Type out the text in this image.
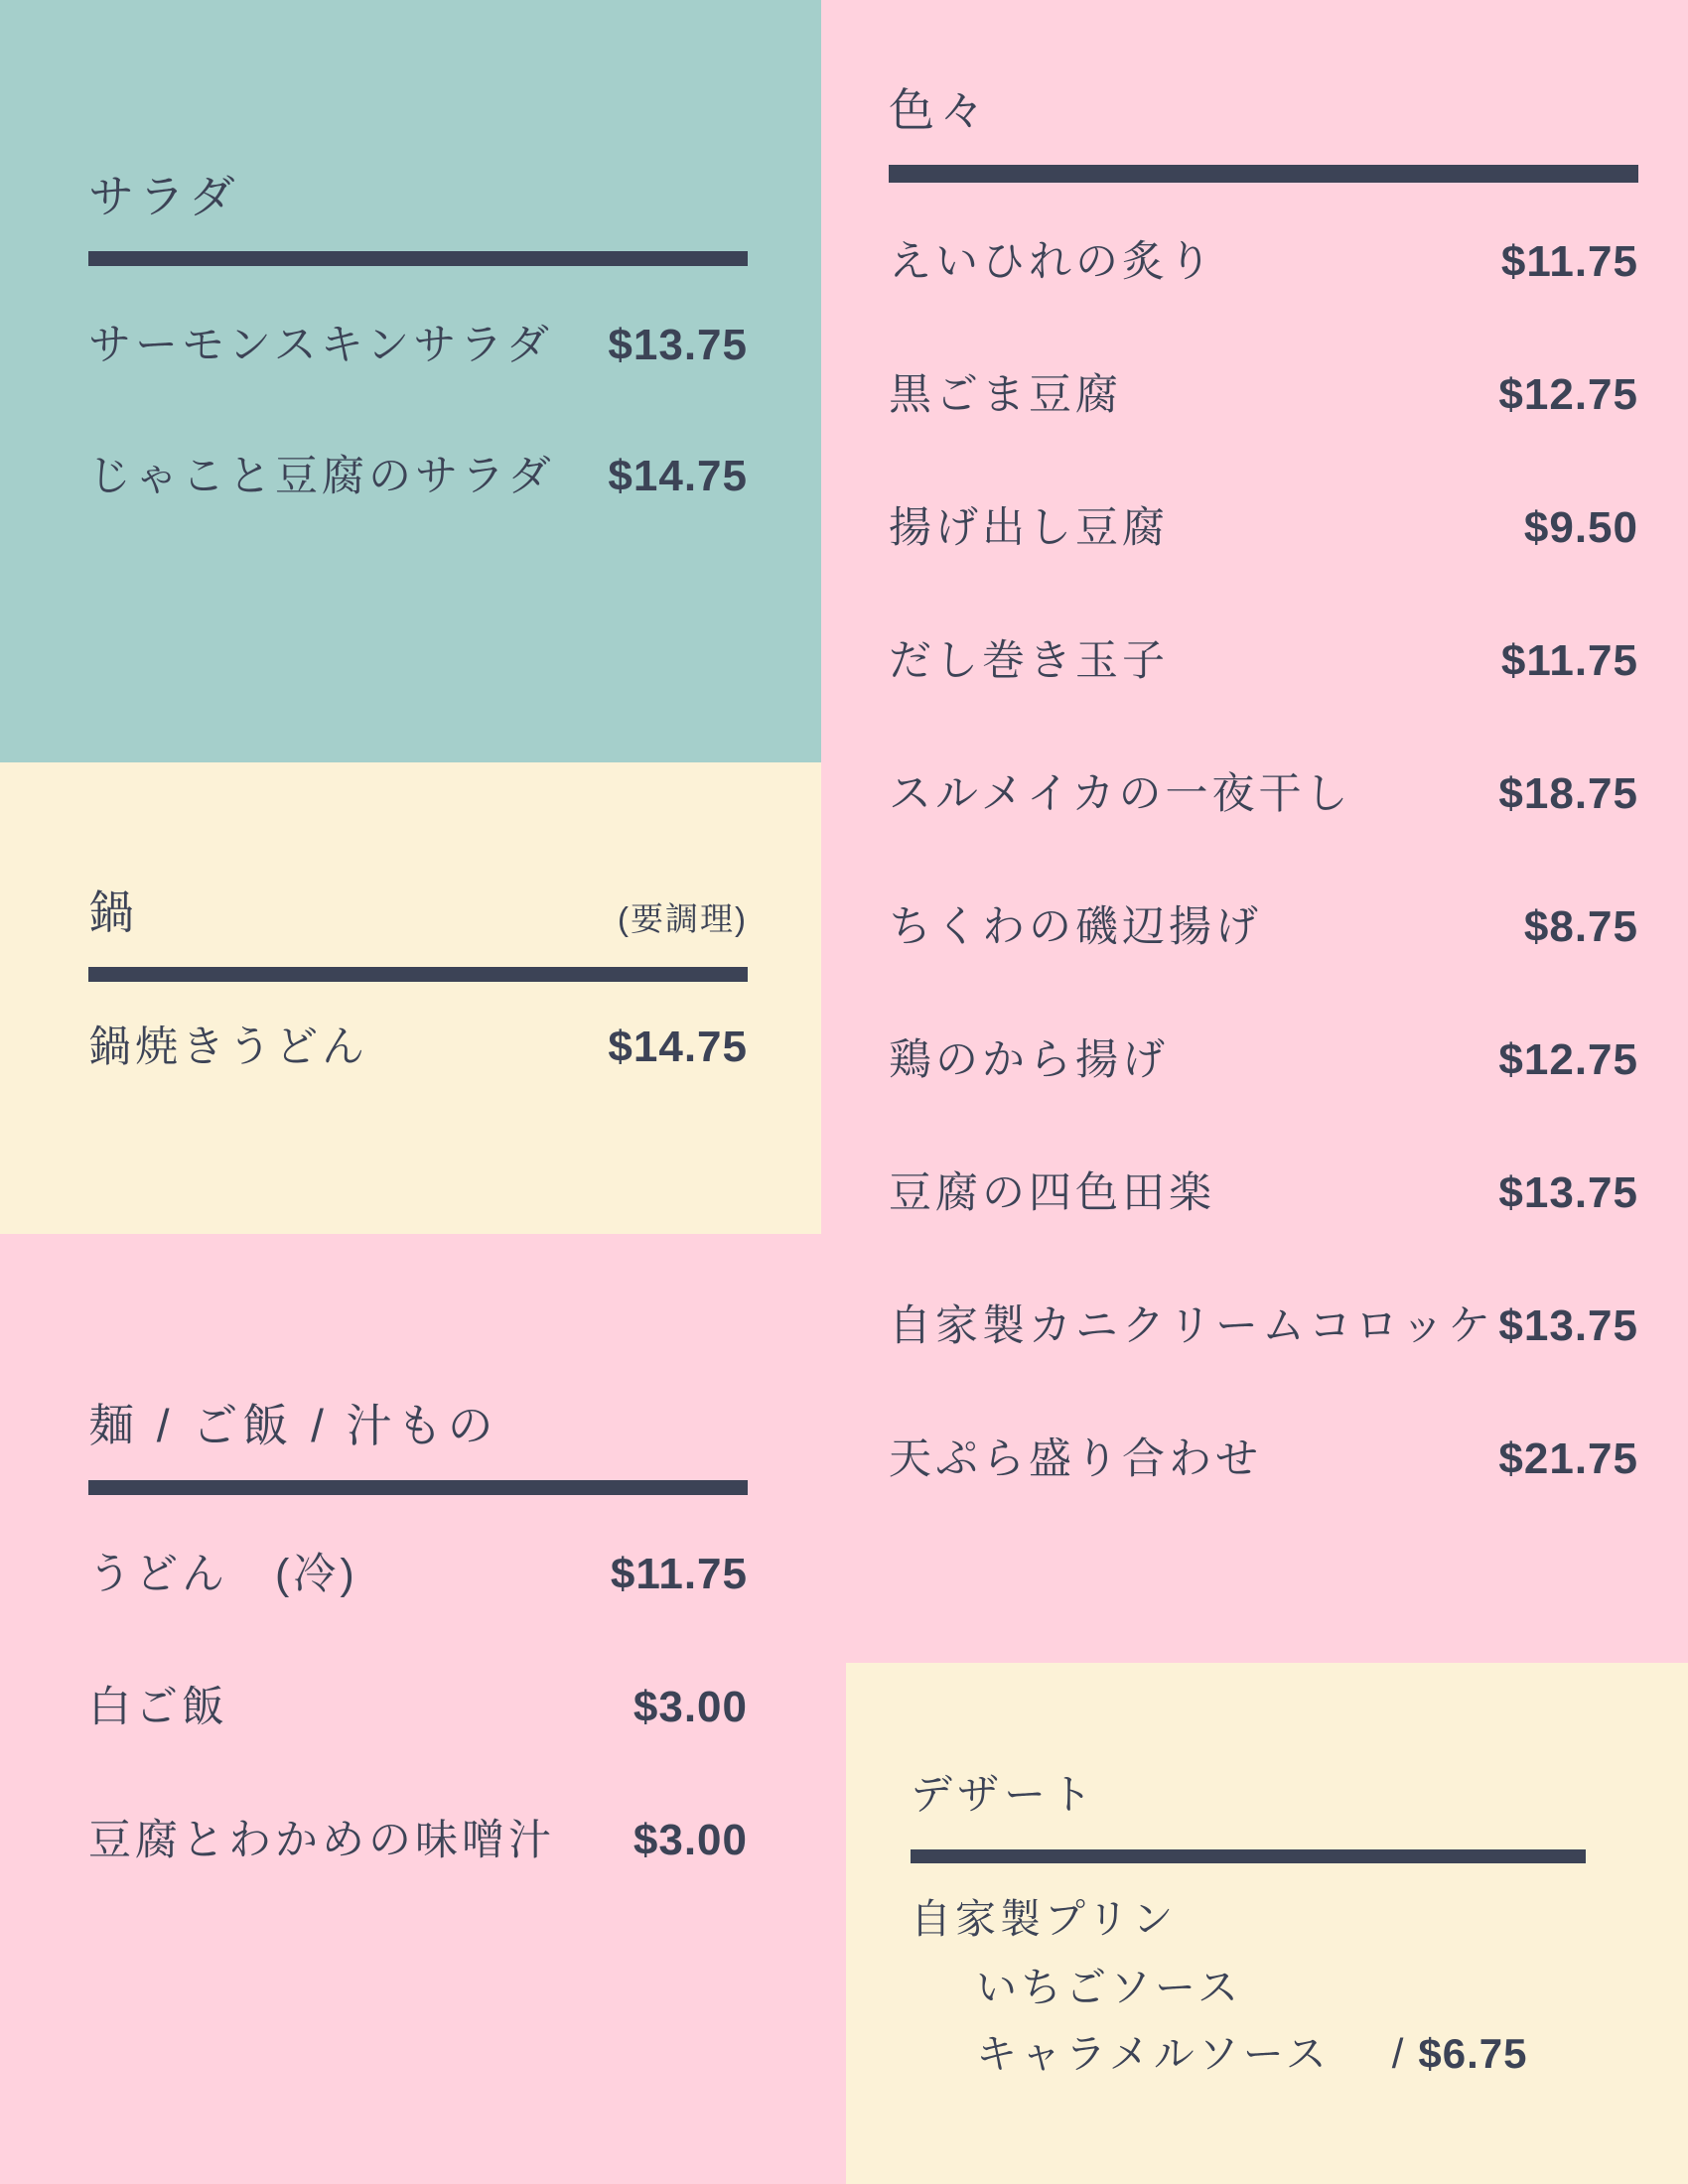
サラダ
サーモンスキンサラダ $13.75
じゃこと豆腐のサラダ $14.75
鍋	(要調理)
鍋焼きうどん	$14.75
麺 / ご飯 / 汁もの
うどん　(冷)	$11.75
白ご飯	$3.00
豆腐とわかめの味噌汁 $3.00
色々
えいひれの炙り	$11.75
黒ごま豆腐	$12.75
揚げ出し豆腐	$9.50
だし巻き玉子	$11.75
スルメイカの一夜干し	$18.75
ちくわの磯辺揚げ	$8.75
鶏のから揚げ	$12.75
豆腐の四色田楽	$13.75
自家製カニクリームコロッケ $13.75
天ぷら盛り合わせ	$21.75
デザート
自家製プリン
いちごソース
キャラメルソース / $6.75
